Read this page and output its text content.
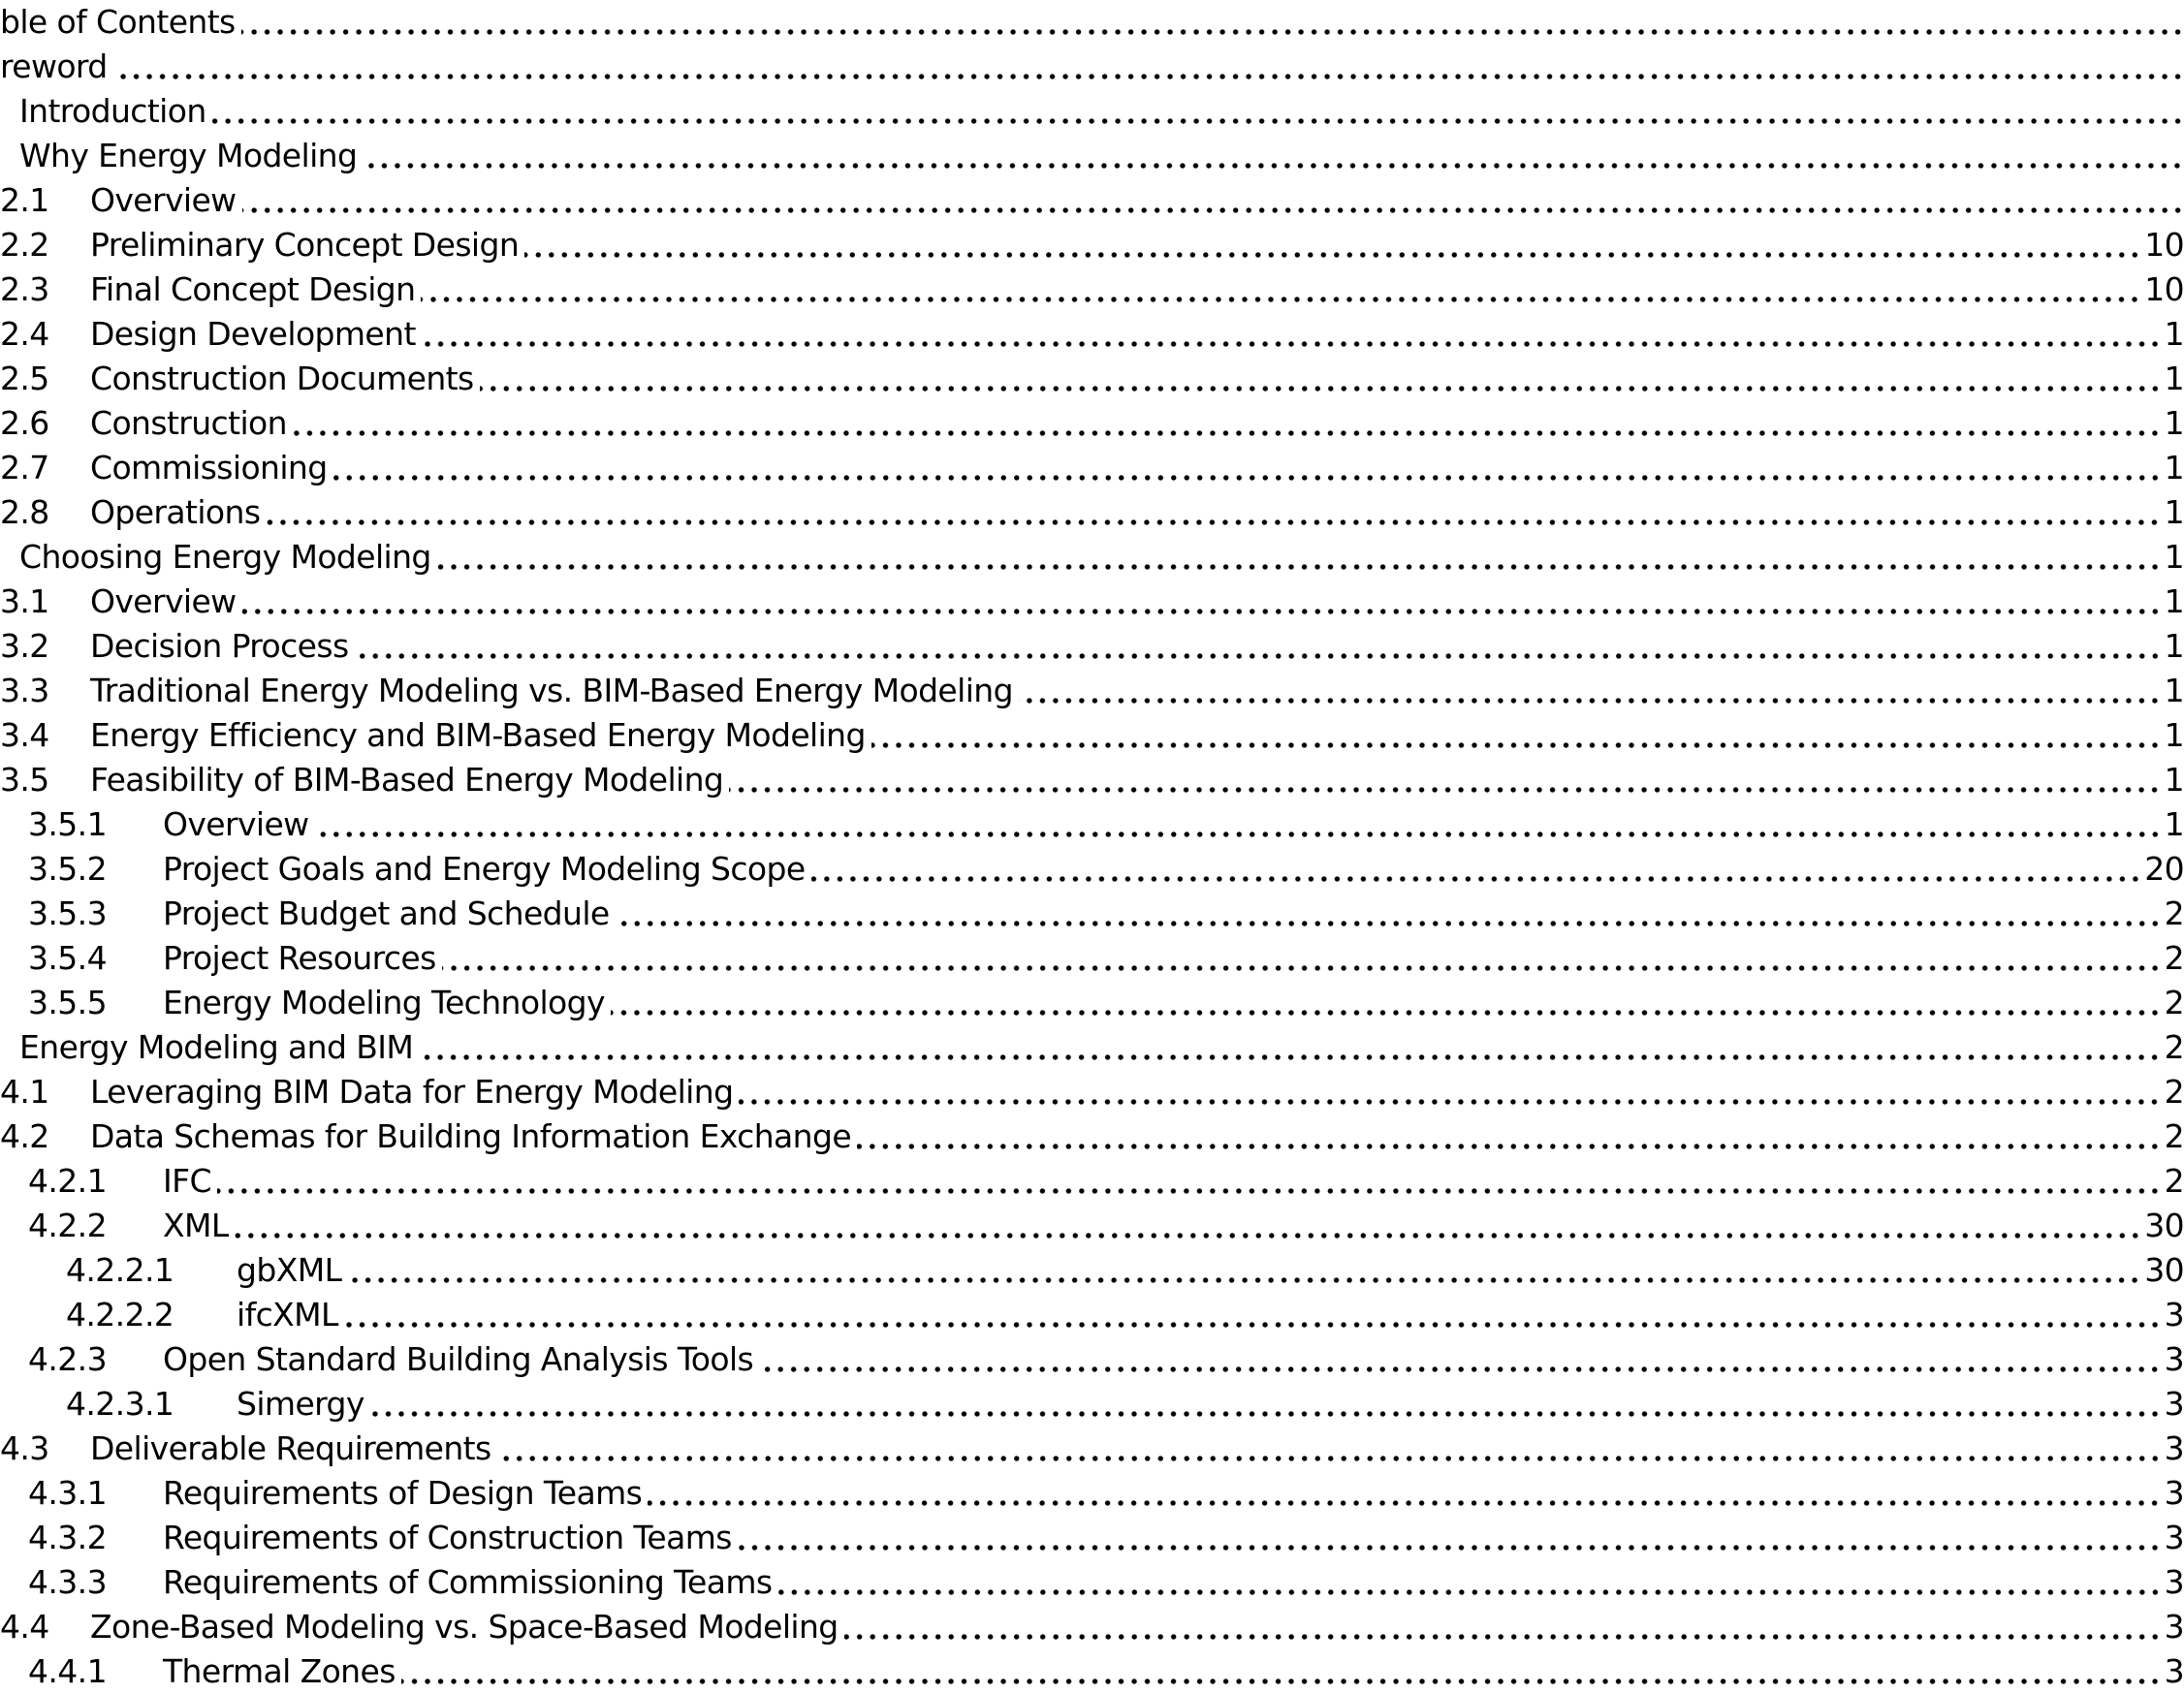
ble of Contents
reword
Introduction
Why Energy Modeling
2.1	Overview
2.2	Preliminary Concept Design	10
2.3	Final Concept Design	10
2.4	Design Development	1
2.5	Construction Documents	1
2.6	Construction	1
2.7	Commissioning	1
2.8	Operations	1
Choosing Energy Modeling	1
3.1	Overview	1
3.2	Decision Process	1
3.3	Traditional Energy Modeling vs. BIM-Based Energy Modeling	1
3.4	Energy Efficiency and BIM-Based Energy Modeling	1
3.5	Feasibility of BIM-Based Energy Modeling	1
3.5.1	Overview	1
3.5.2	Project Goals and Energy Modeling Scope	20
3.5.3	Project Budget and Schedule	2
3.5.4	Project Resources	2
3.5.5	Energy Modeling Technology	2
Energy Modeling and BIM	2
4.1	Leveraging BIM Data for Energy Modeling	2
4.2	Data Schemas for Building Information Exchange	2
4.2.1	IFC	2
4.2.2	XML	30
4.2.2.1	gbXML	30
4.2.2.2	ifcXML	3
4.2.3	Open Standard Building Analysis Tools	3
4.2.3.1	Simergy	3
4.3	Deliverable Requirements	3
4.3.1	Requirements of Design Teams	3
4.3.2	Requirements of Construction Teams	3
4.3.3	Requirements of Commissioning Teams	3
4.4	Zone-Based Modeling vs. Space-Based Modeling	3
4.4.1	Thermal Zones	3
